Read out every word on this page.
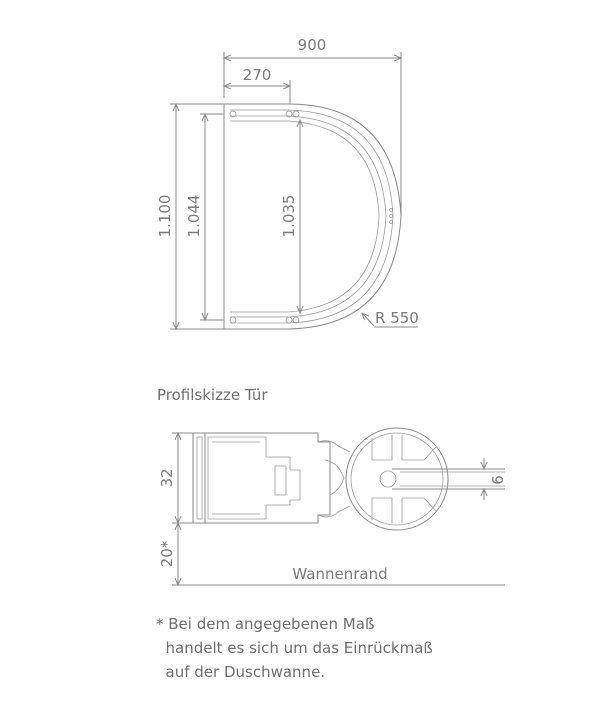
900
270
1.100 1.044	1.035
R 550
6
32
20*
Wannenrand
Profilskizze Tür
* Bei dem angegebenen Maß
handelt es sich um das Einrückmaß
auf der Duschwanne.
